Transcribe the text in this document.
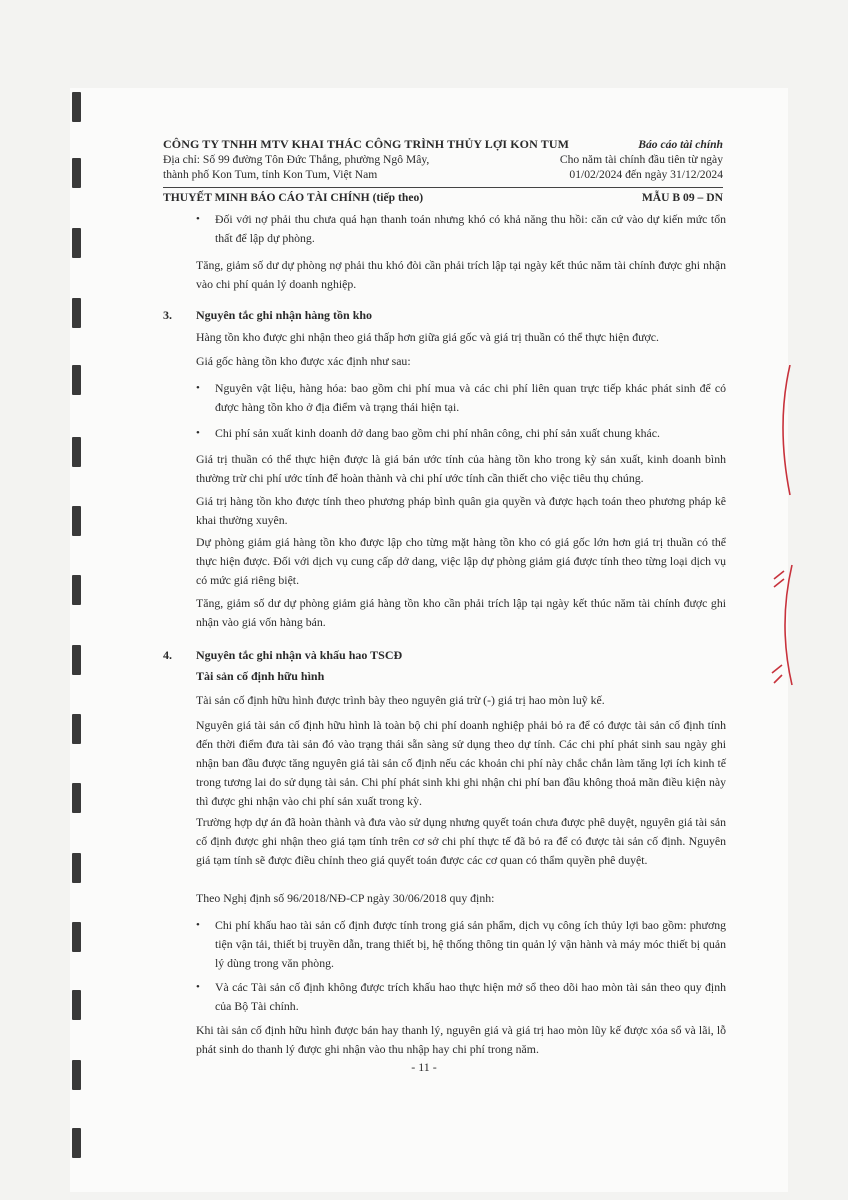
CÔNG TY TNHH MTV KHAI THÁC CÔNG TRÌNH THỦY LỢI KON TUM
Địa chỉ: Số 99 đường Tôn Đức Thắng, phường Ngô Mây,
thành phố Kon Tum, tỉnh Kon Tum, Việt Nam
Báo cáo tài chính
Cho năm tài chính đầu tiên từ ngày
01/02/2024 đến ngày 31/12/2024
THUYẾT MINH BÁO CÁO TÀI CHÍNH (tiếp theo)	MẪU B 09 – DN
• Đối với nợ phải thu chưa quá hạn thanh toán nhưng khó có khả năng thu hồi: căn cứ vào dự kiến mức tổn thất để lập dự phòng.

Tăng, giảm số dư dự phòng nợ phải thu khó đòi cần phải trích lập tại ngày kết thúc năm tài chính được ghi nhận vào chi phí quản lý doanh nghiệp.

3. Nguyên tắc ghi nhận hàng tồn kho

Hàng tồn kho được ghi nhận theo giá thấp hơn giữa giá gốc và giá trị thuần có thể thực hiện được.

Giá gốc hàng tồn kho được xác định như sau:

• Nguyên vật liệu, hàng hóa: bao gồm chi phí mua và các chi phí liên quan trực tiếp khác phát sinh để có được hàng tồn kho ở địa điểm và trạng thái hiện tại.
• Chi phí sản xuất kinh doanh dở dang bao gồm chi phí nhân công, chi phí sản xuất chung khác.

Giá trị thuần có thể thực hiện được là giá bán ước tính của hàng tồn kho trong kỳ sản xuất, kinh doanh bình thường trừ chi phí ước tính để hoàn thành và chi phí ước tính cần thiết cho việc tiêu thụ chúng.

Giá trị hàng tồn kho được tính theo phương pháp bình quân gia quyền và được hạch toán theo phương pháp kê khai thường xuyên.

Dự phòng giảm giá hàng tồn kho được lập cho từng mặt hàng tồn kho có giá gốc lớn hơn giá trị thuần có thể thực hiện được. Đối với dịch vụ cung cấp dở dang, việc lập dự phòng giảm giá được tính theo từng loại dịch vụ có mức giá riêng biệt.

Tăng, giảm số dư dự phòng giảm giá hàng tồn kho cần phải trích lập tại ngày kết thúc năm tài chính được ghi nhận vào giá vốn hàng bán.

4. Nguyên tắc ghi nhận và khấu hao TSCĐ
Tài sản cố định hữu hình

Tài sản cố định hữu hình được trình bày theo nguyên giá trừ (-) giá trị hao mòn luỹ kế.

Nguyên giá tài sản cố định hữu hình là toàn bộ chi phí doanh nghiệp phải bỏ ra để có được tài sản cố định tính đến thời điểm đưa tài sản đó vào trạng thái sẵn sàng sử dụng theo dự tính. Các chi phí phát sinh sau ngày ghi nhận ban đầu được tăng nguyên giá tài sản cố định nếu các khoản chi phí này chắc chắn làm tăng lợi ích kinh tế trong tương lai do sử dụng tài sản. Chi phí phát sinh khi ghi nhận chi phí ban đầu không thoả mãn điều kiện này thì được ghi nhận vào chi phí sản xuất trong kỳ.

Trường hợp dự án đã hoàn thành và đưa vào sử dụng nhưng quyết toán chưa được phê duyệt, nguyên giá tài sản cố định được ghi nhận theo giá tạm tính trên cơ sở chi phí thực tế đã bỏ ra để có được tài sản cố định. Nguyên giá tạm tính sẽ được điều chỉnh theo giá quyết toán được các cơ quan có thẩm quyền phê duyệt.

Theo Nghị định số 96/2018/NĐ-CP ngày 30/06/2018 quy định:

• Chi phí khấu hao tài sản cố định được tính trong giá sản phẩm, dịch vụ công ích thủy lợi bao gồm: phương tiện vận tải, thiết bị truyền dẫn, trang thiết bị, hệ thống thông tin quản lý vận hành và máy móc thiết bị quản lý dùng trong văn phòng.
• Và các Tài sản cố định không được trích khấu hao thực hiện mở sổ theo dõi hao mòn tài sản theo quy định của Bộ Tài chính.

Khi tài sản cố định hữu hình được bán hay thanh lý, nguyên giá và giá trị hao mòn lũy kế được xóa sổ và lãi, lỗ phát sinh do thanh lý được ghi nhận vào thu nhập hay chi phí trong năm.

- 11 -
